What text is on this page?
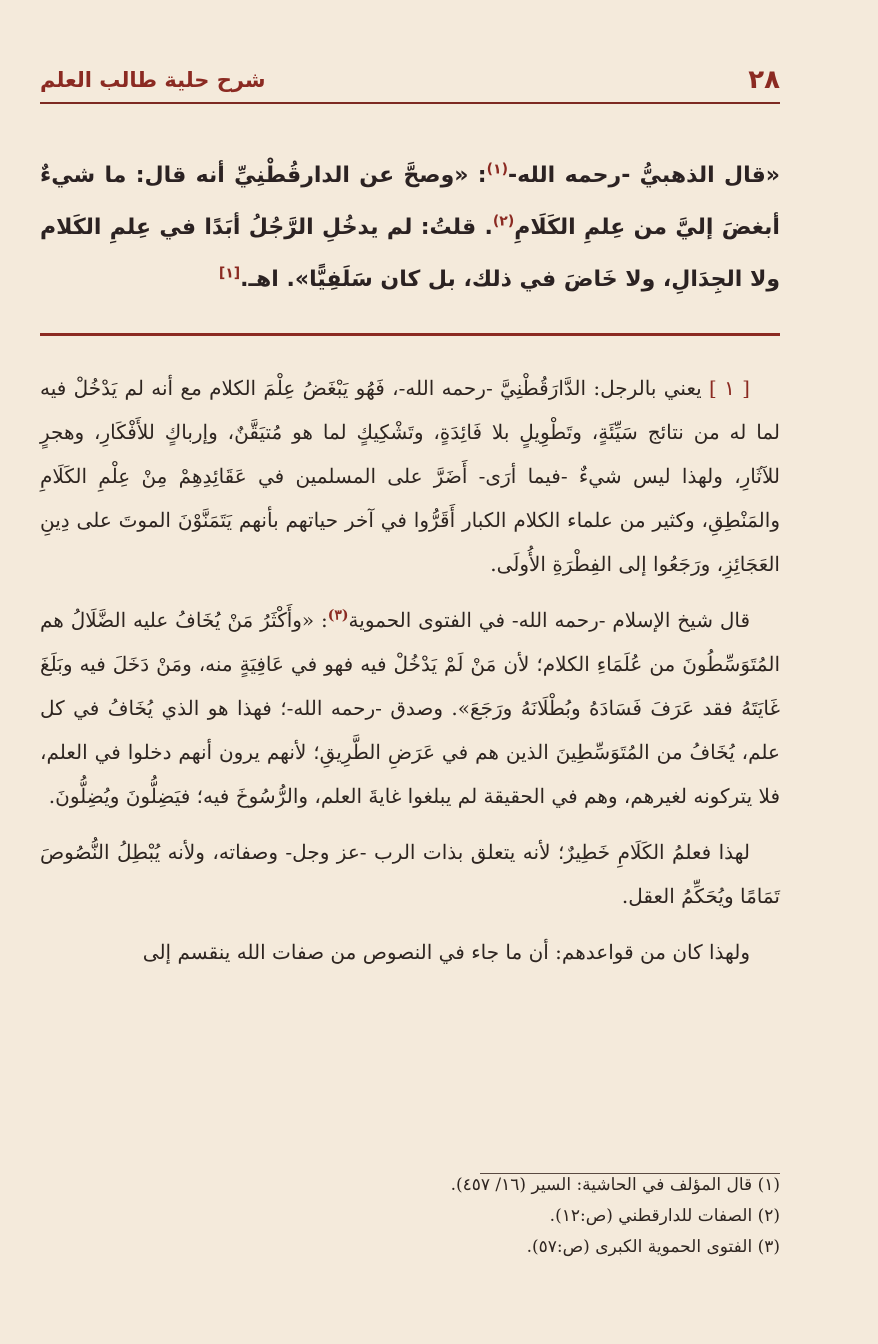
٢٨
شرح حلية طالب العلم
«قال الذهبيُّ -رحمه الله-$^{(١)}$: «وصحَّ عن الدارقُطْنِيِّ أنه قال: ما شيءٌ أبغضَ إليَّ من عِلمِ الكَلَامِ$^{(٢)}$. قلتُ: لم يدخُلِ الرَّجُلُ أبَدًا في عِلمِ الكَلام ولا الجِدَالِ، ولا خَاضَ في ذلك، بل كان سَلَفِيًّا». اهـ.[١]

[ ١ ] يعني بالرجل: الدَّارَقُطْنِيَّ -رحمه الله-، فَهُو يَبْغَضُ عِلْمَ الكلام مع أنه لم يَدْخُلْ فيه لما له من نتائج سَيِّئَةٍ، وتَطْوِيلٍ بلا فَائِدَةٍ، وتَشْكِيكٍ لما هو مُتيَقَّنٌ، وإرباكٍ للأَفْكَارِ، وهجرٍ للآثَارِ، ولهذا ليس شيءٌ -فيما أرَى- أَضَرَّ على المسلمين في عَقَائِدِهِمْ مِنْ عِلْمِ الكَلَامِ والمَنْطِقِ، وكثير من علماء الكلام الكبار أَقَرُّوا في آخر حياتهم بأنهم يَتَمَنَّوْنَ الموتَ على دِينِ العَجَائِزِ، ورَجَعُوا إلى الفِطْرَةِ الأُولَى.

قال شيخ الإسلام -رحمه الله- في الفتوى الحموية$^{(٣)}$: «وأَكْثَرُ مَنْ يُخَافُ عليه الضَّلَالُ هم المُتَوَسِّطُونَ من عُلَمَاءِ الكلام؛ لأن مَنْ لَمْ يَدْخُلْ فيه فهو في عَافِيَةٍ منه، ومَنْ دَخَلَ فيه وبَلَغَ غَايَتَهُ فقد عَرَفَ فَسَادَهُ وبُطْلَانَهُ ورَجَعَ». وصدق -رحمه الله-؛ فهذا هو الذي يُخَافُ في كل علم، يُخَافُ من المُتَوَسِّطِينَ الذين هم في عَرَضِ الطَّرِيقِ؛ لأنهم يرون أنهم دخلوا في العلم، فلا يتركونه لغيرهم، وهم في الحقيقة لم يبلغوا غايةَ العلم، والرُّسُوخَ فيه؛ فيَضِلُّونَ ويُضِلُّونَ.

لهذا فعلمُ الكَلَامِ خَطِيرٌ؛ لأنه يتعلق بذات الرب -عز وجل- وصفاته، ولأنه يُبْطِلُ النُّصُوصَ تَمَامًا ويُحَكِّمُ العقل.

ولهذا كان من قواعدهم: أن ما جاء في النصوص من صفات الله ينقسم إلى

(١) قال المؤلف في الحاشية: السير (١٦/ ٤٥٧).

(٢) الصفات للدارقطني (ص:١٢).

(٣) الفتوى الحموية الكبرى (ص:٥٧).
